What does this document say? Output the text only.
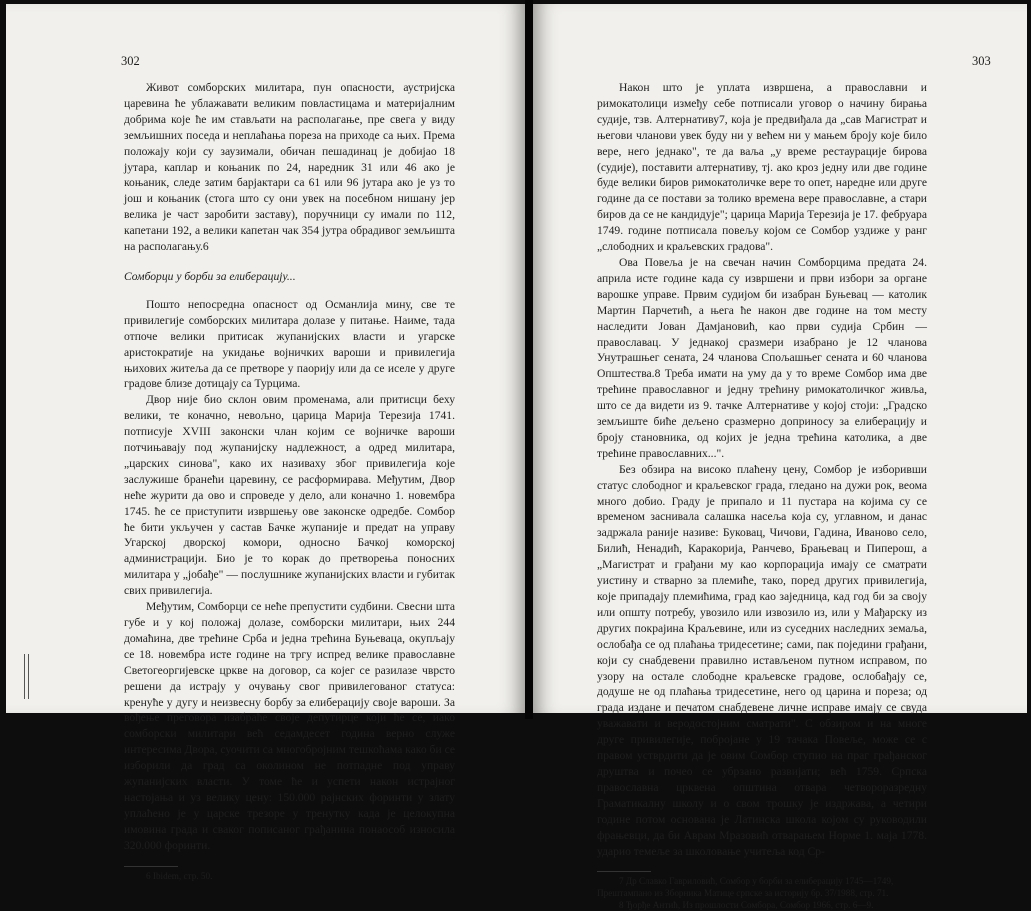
302

Живот сомборских милитара, пун опасности, аустријска царевина ће ублажавати великим повластицама и материјалним добрима које ће им стављати на располагање, пре свега у виду земљишних поседа и неплаћања пореза на приходе са њих. Према положају који су заузимали, обичан пешадинац је добијао 18 јутара, каплар и коњаник по 24, наредник 31 или 46 ако је коњаник, следе затим барјактари са 61 или 96 јутара ако је уз то још и коњаник (стога што су они увек на посебном нишану јер велика је част заробити заставу), поручници су имали по 112, капетани 192, а велики капетан чак 354 јутра обрадивог земљишта на располагању.6

Сомборци у борби за елиберацију...

Пошто непосредна опасност од Османлија мину, све те привилегије сомборских милитара долазе у питање. Наиме, тада отпоче велики притисак жупанијских власти и угарске аристократије на укидање војничких вароши и привилегија њихових житеља да се претворе у паоријy или да се иселе у друге градове близе дотицају са Турцима.

Двор није био склон овим променама, али притисци беху велики, те коначно, невољно, царица Марија Терезија 1741. потписује XVIII законски члан којим се војничке вароши потчињавају под жупанијску надлежност, а одред милитара, „царских синова", како их називаху због привилегија које заслужише бранећи царевину, се расформирава. Међутим, Двор неће журити да ово и спроведе у дело, али коначно 1. новембра 1745. ће се приступити извршењу овe законске одредбе. Сомбор ће бити укључен у састав Бачке жупаније и предат на управу Угарској дворској комори, односно Бачкој коморској администрацији. Био је то корак до претворења поносних милитара у „јобађе" — послушнике жупанијских власти и губитак свих привилегија.

Међутим, Сомборци се неће препустити судбини. Свесни шта губе и у кој положај долазе, сомборски милитари, њих 244 домаћина, две трећине Срба и једна трећина Буњеваца, окупљају се 18. новембра исте године на тргу испред велике православне Светогеоргијевске цркве на договор, са којег се разилазе чврсто решени да истрају у очувању свог привилегованог статуса: кренуће у дугу и неизвесну борбу за елиберацију своје вароши. За вођење преговора изабраће своје депутирце који ће се, иако сомборски милитари већ седамдесет година верно служе интересима Двора, суочити са многобројним тешкоћама како би се изборили да град са околином не потпадне под управу жупанијских власти. У томе ће и успети након истрајног настојања и уз велику цену: 150.000 рајнских форинти у злату уплаћено је у царске трезоре у тренутку када је целокупна имовина града и сваког пописаног грађанина понаособ износила 320.000 форинти.

6 Ibidem, стр. 50.

303

Након што је уплата извршена, а православни и римокатолици између себе потписали уговор о начину бирања судије, тзв. Алтернативу7, која је предвиђала да „сав Магистрат и његови чланови увек буду ни у већем ни у мањем броју које било вере, него једнако", те да ваља „у време рестаурације бирова (судије), поставити алтернативу, тј. ако кроз једну или две године буде велики биров римокатоличке вере то опет, наредне или друге године да се постави за толико времена вере православне, а стари биров да се не кандидује"; царица Марија Терезија је 17. фебруара 1749. године потписала повељу којом се Сомбор уздиже у ранг „слободних и краљевских градова".

Ова Повеља је на свечан начин Сомборцима предата 24. априла исте године када су извршени и први избори за органе варошке управе. Првим судијом би изабран Буњевац — католик Мартин Парчетић, а њега ће након две године на том месту наследити Јован Дамјановић, као први судија Србин — православац. У једнакој сразмери изабрано је 12 чланова Унутрашњег сената, 24 чланова Спољашњег сената и 60 чланова Општества.8 Треба имати на уму да у то време Сомбор има две трећине православног и једну трећину римокатоличког живља, што се да видети из 9. тачке Алтернативе у којој стоји: „Градско земљиште биће дељено сразмерно доприносу за елиберацију и броју становника, од којих је једна трећина католика, а две трећине православних...".

Без обзира на високо плаћену цену, Сомбор је изборивши статус слободног и краљевског града, гледано на дужи рок, веома много добио. Граду је припало и 11 пустара на којима су се временом заснивала салашка насеља која су, углавном, и данас задржала раније називе: Буковац, Чичови, Гадина, Иваново село, Билић, Ненадић, Каракорија, Ранчево, Брањевац и Пиперош, а „Магистрат и грађани му као корпорација имају се сматрати уистину и стварно за племиће, тако, поред других привилегија, које припадају племићима, град као заједница, кад год би за своју или општу потребу, увозило или извозило из, или у Мађарску из других покрајина Краљевине, или из суседних наследних земаља, ослобађа се од плаћања тридесетине; сами, пак поједини грађани, који су снабдевени правилно истављеном путном исправом, по узору на остале слободне краљевске градове, ослобађају се, додуше не од плаћања тридесетине, него од царина и пореза; од града издане и печатом снабдевене личне исправе имају се свуда уважавати и веродостојним сматрати". С обзиром и на многе друге привилегије, побројане у 19 тачака Повеље, може се с правом устврдити да је овим Сомбор ступио на праг грађанског друштва и почео се убрзано развијати; већ 1759. Српска православна црквена општина отвара четвороразредну Граматикалну школу и о свом трошку је издржава, а четири године потом основана је Латинска школа којом су руководили фрањевци, да би Аврам Мразовић отварањем Норме 1. маја 1778. ударио темеље за школовање учитеља код Ср-

7 Др Славко Гавриловић, Сомбор у борби за елиберацију 1745—1749, Прештампано из Зборника Матице српске за историју бр. 37/1988, стр. 71.

8 Ђорђе Антић, Из прошлости Сомбора, Сомбор 1966, стр. 6—9.
